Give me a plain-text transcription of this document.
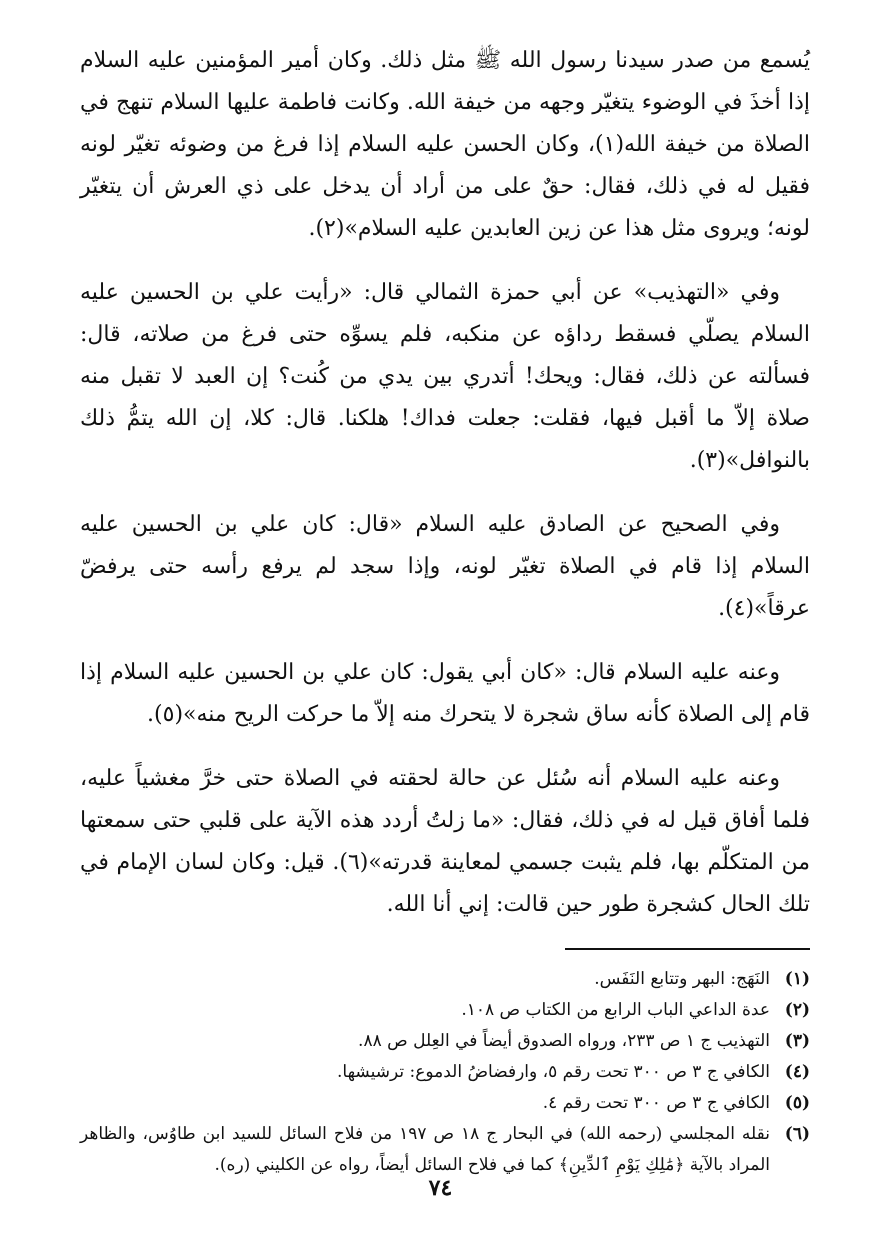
يُسمع من صدر سيدنا رسول الله ﷺ مثل ذلك. وكان أمير المؤمنين عليه السلام إذا أخذَ في الوضوء يتغيّر وجهه من خيفة الله. وكانت فاطمة عليها السلام تنهج في الصلاة من خيفة الله(١)، وكان الحسن عليه السلام إذا فرغ من وضوئه تغيّر لونه فقيل له في ذلك، فقال: حقٌ على من أراد أن يدخل على ذي العرش أن يتغيّر لونه؛ ويروى مثل هذا عن زين العابدين عليه السلام»(٢).

وفي «التهذيب» عن أبي حمزة الثمالي قال: «رأيت علي بن الحسين عليه السلام يصلّي فسقط رداؤه عن منكبه، فلم يسوِّه حتى فرغ من صلاته، قال: فسألته عن ذلك، فقال: ويحك! أتدري بين يدي من كُنت؟ إن العبد لا تقبل منه صلاة إلاّ ما أقبل فيها، فقلت: جعلت فداك! هلكنا. قال: كلا، إن الله يتمُّ ذلك بالنوافل»(٣).

وفي الصحيح عن الصادق عليه السلام «قال: كان علي بن الحسين عليه السلام إذا قام في الصلاة تغيّر لونه، وإذا سجد لم يرفع رأسه حتى يرفضّ عرقاً»(٤).

وعنه عليه السلام قال: «كان أبي يقول: كان علي بن الحسين عليه السلام إذا قام إلى الصلاة كأنه ساق شجرة لا يتحرك منه إلاّ ما حركت الريح منه»(٥).

وعنه عليه السلام أنه سُئل عن حالة لحقته في الصلاة حتى خرَّ مغشياً عليه، فلما أفاق قيل له في ذلك، فقال: «ما زلتُ أردد هذه الآية على قلبي حتى سمعتها من المتكلّم بها، فلم يثبت جسمي لمعاينة قدرته»(٦). قيل: وكان لسان الإمام في تلك الحال كشجرة طور حين قالت: إني أنا الله.

(١)
النَهَج: البهر وتتابع النَفَس.
(٢)
عدة الداعي الباب الرابع من الكتاب ص ١٠٨.
(٣)
التهذيب ج ١ ص ٢٣٣، ورواه الصدوق أيضاً في العِلل ص ٨٨.
(٤)
الكافي ج ٣ ص ٣٠٠ تحت رقم ٥، وارفضاضُ الدموع: ترشيشها.
(٥)
الكافي ج ٣ ص ٣٠٠ تحت رقم ٤.
(٦)
نقله المجلسي (رحمه الله) في البحار ج ١٨ ص ١٩٧ من فلاح السائل للسيد ابن طاوُس، والظاهر المراد بالآية ﴿مَٰلِكِ يَوْمِ ٱلدِّينِ﴾ كما في فلاح السائل أيضاً، رواه عن الكليني (ره).
٧٤
